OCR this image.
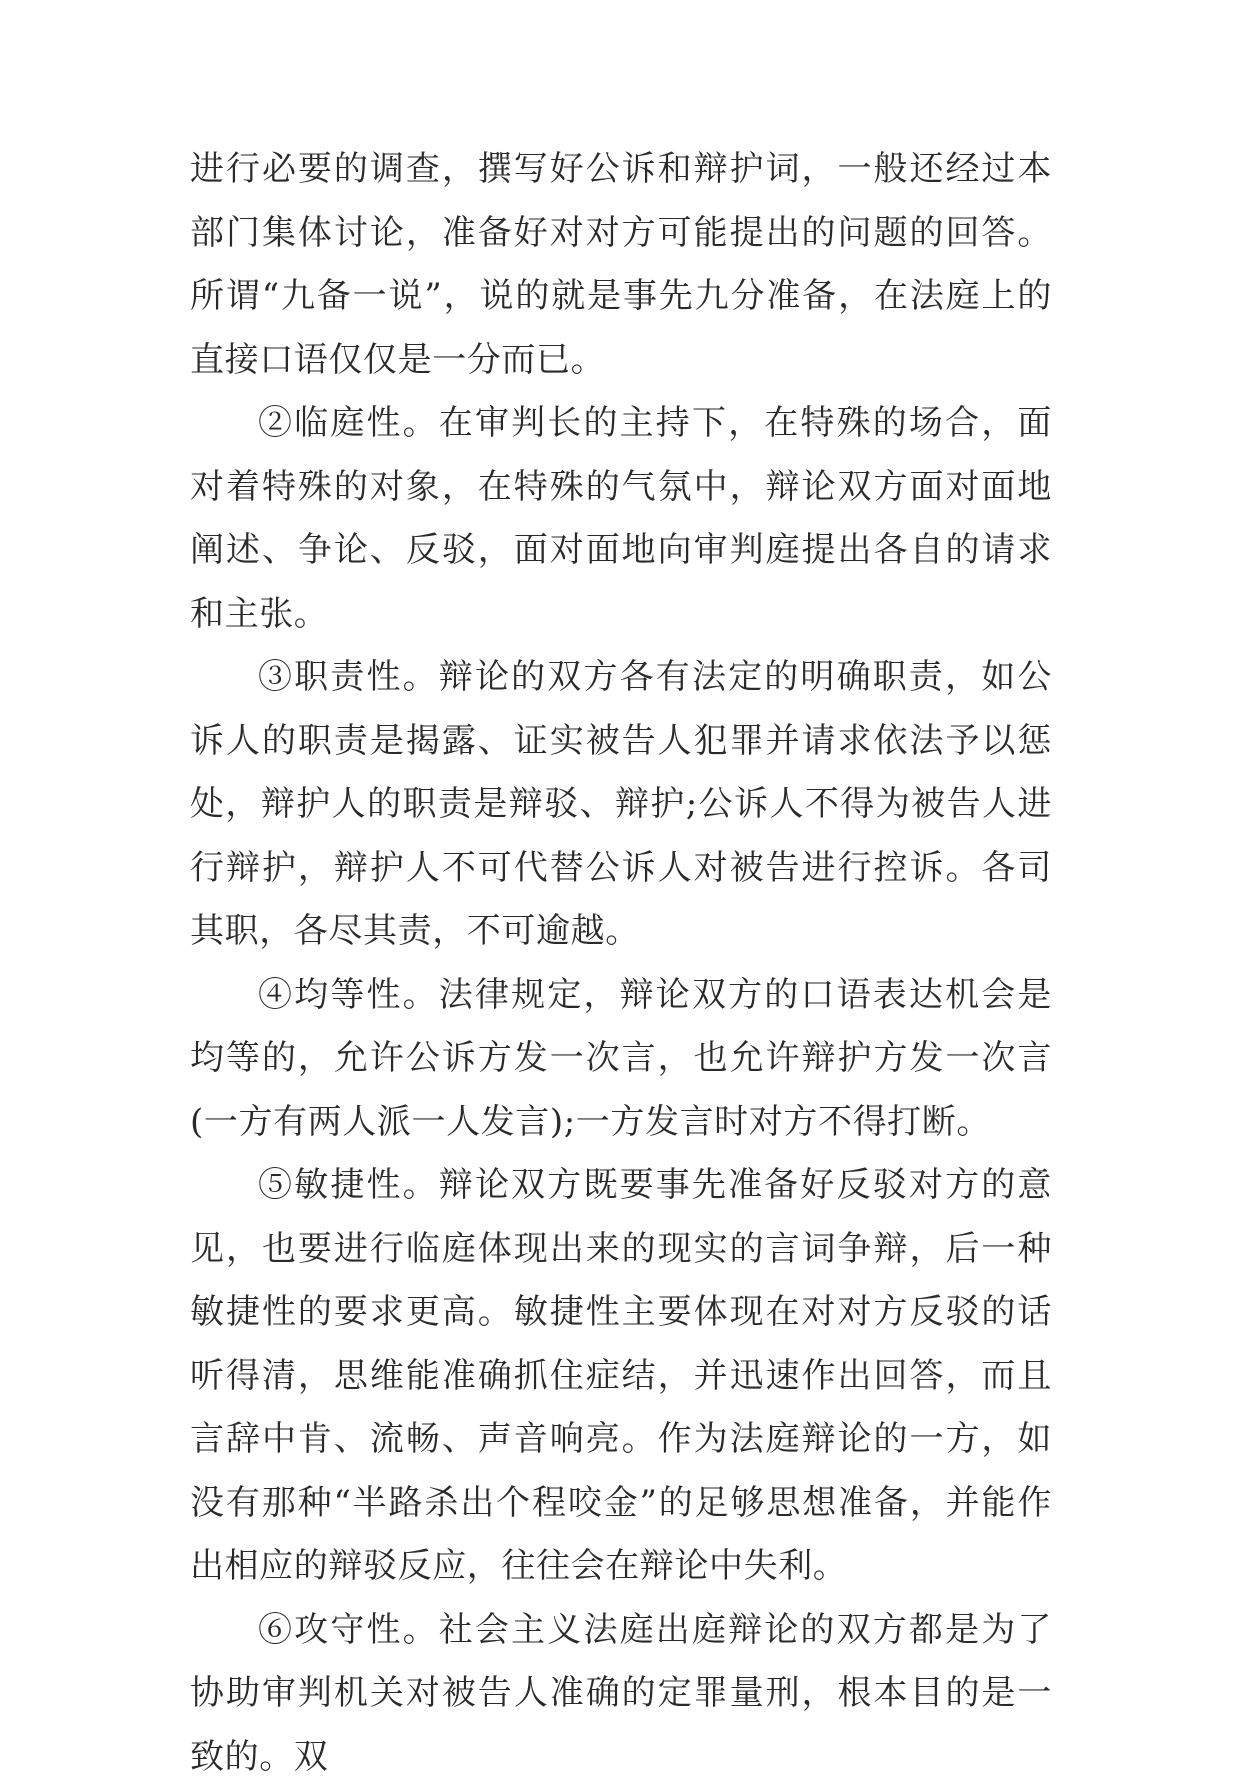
进行必要的调查，撰写好公诉和辩护词，一般还经过本部门集体讨论，准备好对对方可能提出的问题的回答。所谓“九备一说”，说的就是事先九分准备，在法庭上的直接口语仅仅是一分而已。

②临庭性。在审判长的主持下，在特殊的场合，面对着特殊的对象，在特殊的气氛中，辩论双方面对面地阐述、争论、反驳，面对面地向审判庭提出各自的请求和主张。

③职责性。辩论的双方各有法定的明确职责，如公诉人的职责是揭露、证实被告人犯罪并请求依法予以惩处，辩护人的职责是辩驳、辩护;公诉人不得为被告人进行辩护，辩护人不可代替公诉人对被告进行控诉。各司其职，各尽其责，不可逾越。

④均等性。法律规定，辩论双方的口语表达机会是均等的，允许公诉方发一次言，也允许辩护方发一次言(一方有两人派一人发言);一方发言时对方不得打断。

⑤敏捷性。辩论双方既要事先准备好反驳对方的意见，也要进行临庭体现出来的现实的言词争辩，后一种敏捷性的要求更高。敏捷性主要体现在对对方反驳的话听得清，思维能准确抓住症结，并迅速作出回答，而且言辞中肯、流畅、声音响亮。作为法庭辩论的一方，如没有那种“半路杀出个程咬金”的足够思想准备，并能作出相应的辩驳反应，往往会在辩论中失利。

⑥攻守性。社会主义法庭出庭辩论的双方都是为了协助审判机关对被告人准确的定罪量刑，根本目的是一致的。双
